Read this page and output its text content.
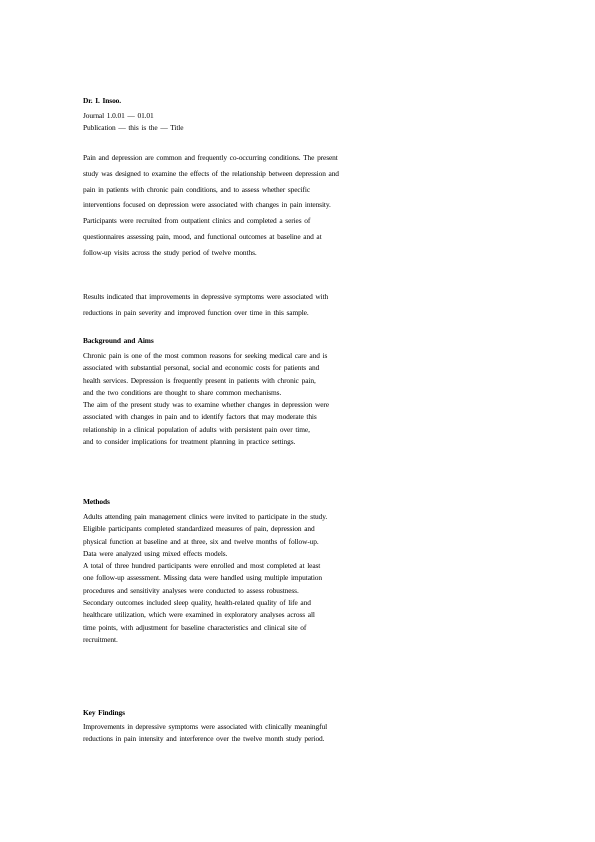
Dr. I. Insoo.
Journal 1.0.01 — 01.01
Publication — this is the — Title
Pain and depression are common and frequently co-occurring conditions. The present
study was designed to examine the effects of the relationship between depression and
pain in patients with chronic pain conditions, and to assess whether specific
interventions focused on depression were associated with changes in pain intensity.
Participants were recruited from outpatient clinics and completed a series of
questionnaires assessing pain, mood, and functional outcomes at baseline and at
follow-up visits across the study period of twelve months.
Results indicated that improvements in depressive symptoms were associated with
reductions in pain severity and improved function over time in this sample.
Background and Aims
Chronic pain is one of the most common reasons for seeking medical care and is
associated with substantial personal, social and economic costs for patients and
health services. Depression is frequently present in patients with chronic pain,
and the two conditions are thought to share common mechanisms.
The aim of the present study was to examine whether changes in depression were
associated with changes in pain and to identify factors that may moderate this
relationship in a clinical population of adults with persistent pain over time,
and to consider implications for treatment planning in practice settings.
Methods
Adults attending pain management clinics were invited to participate in the study.
Eligible participants completed standardized measures of pain, depression and
physical function at baseline and at three, six and twelve months of follow-up.
Data were analyzed using mixed effects models.
A total of three hundred participants were enrolled and most completed at least
one follow-up assessment. Missing data were handled using multiple imputation
procedures and sensitivity analyses were conducted to assess robustness.
Secondary outcomes included sleep quality, health-related quality of life and
healthcare utilization, which were examined in exploratory analyses across all
time points, with adjustment for baseline characteristics and clinical site of
recruitment.
Key Findings
Improvements in depressive symptoms were associated with clinically meaningful
reductions in pain intensity and interference over the twelve month study period.
